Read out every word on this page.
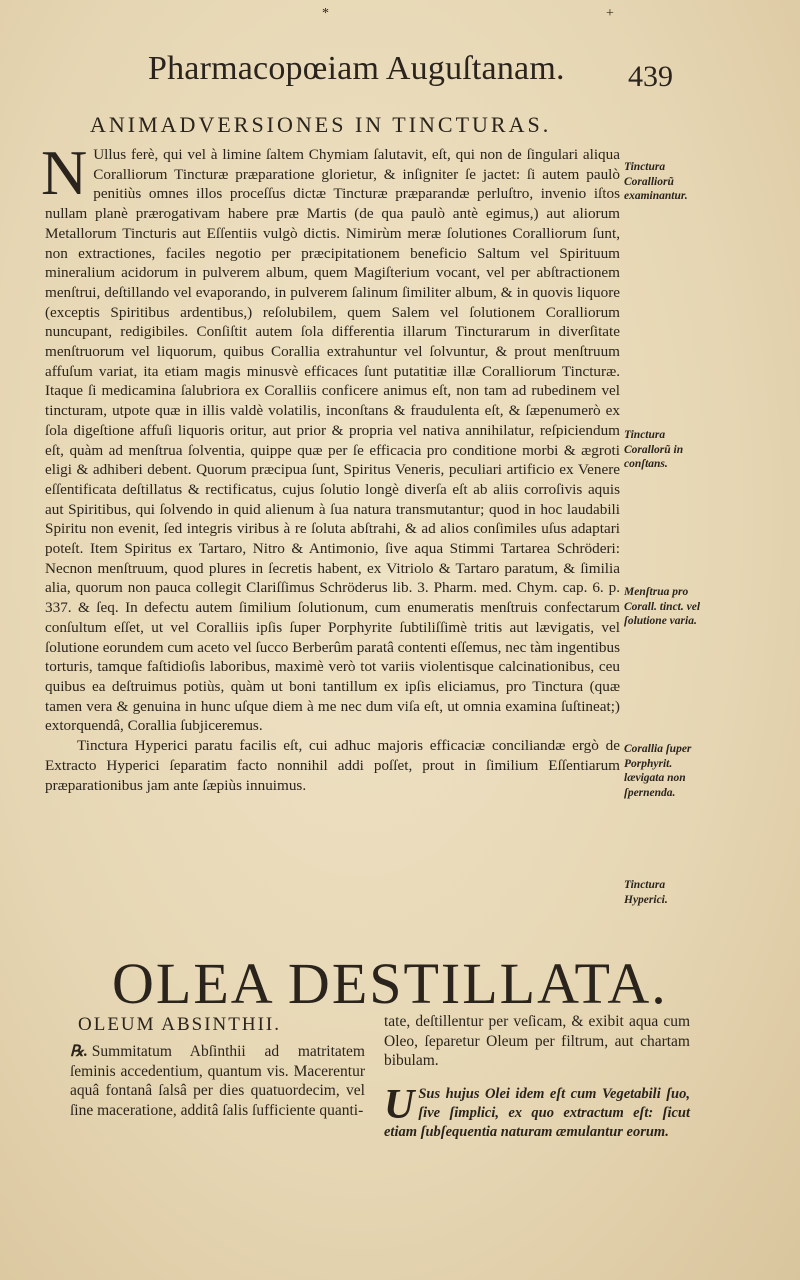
*	+
Pharmacopœiam Auguſtanam. 439
ANIMADVERSIONES IN TINCTURAS.

N Ullus ferè, qui vel à limine ſaltem Chymiam ſalutavit, eſt, qui non de ſingulari aliqua Coralliorum Tincturæ præparatione glorietur, & inſigniter ſe jactet: ſi autem paulò penitiùs omnes illos proceſſus dictæ Tincturæ præparandæ perluſtro, invenio iſtos nullam planè prærogativam habere præ Martis (de qua paulò antè egimus,) aut aliorum Metallorum Tincturis aut Eſſentiis vulgò dictis. Nimirùm meræ ſolutiones Coralliorum ſunt, non extractiones, faciles negotio per præcipitationem beneficio Saltum vel Spirituum mineralium acidorum in pulverem album, quem Magiſterium vocant, vel per abſtractionem menſtrui, deſtillando vel evaporando, in pulverem ſalinum ſimiliter album, & in quovis liquore (exceptis Spiritibus ardentibus,) reſolubilem, quem Salem vel ſolutionem Coralliorum nuncupant, redigibiles. Conſiſtit autem ſola differentia illarum Tincturarum in diverſitate menſtruorum vel liquorum, quibus Corallia extrahuntur vel ſolvuntur, & prout menſtruum affuſum variat, ita etiam magis minusvè efficaces ſunt putatitiæ illæ Coralliorum Tincturæ. Itaque ſi medicamina ſalubriora ex Coralliis conficere animus eſt, non tam ad rubedinem vel tincturam, utpote quæ in illis valdè volatilis, inconſtans & fraudulenta eſt, & ſæpenumerò ex ſola digeſtione affuſi liquoris oritur, aut prior & propria vel nativa annihilatur, reſpiciendum eſt, quàm ad menſtrua ſolventia, quippe quæ per ſe efficacia pro conditione morbi & ægroti eligi & adhiberi debent. Quorum præcipua ſunt, Spiritus Veneris, peculiari artificio ex Venere eſſentificata deſtillatus & rectificatus, cujus ſolutio longè diverſa eſt ab aliis corroſivis aquis aut Spiritibus, qui ſolvendo in quid alienum à ſua natura transmutantur; quod in hoc laudabili Spiritu non evenit, ſed integris viribus à re ſoluta abſtrahi, & ad alios conſimiles uſus adaptari poteſt. Item Spiritus ex Tartaro, Nitro & Antimonio, ſive aqua Stimmi Tartarea Schröderi: Necnon menſtruum, quod plures in ſecretis habent, ex Vitriolo & Tartaro paratum, & ſimilia alia, quorum non pauca collegit Clariſſimus Schröderus lib. 3. Pharm. med. Chym. cap. 6. p. 337. & ſeq. In defectu autem ſimilium ſolutionum, cum enumeratis menſtruis confectarum conſultum eſſet, ut vel Coralliis ipſis ſuper Porphyrite ſubtiliſſimè tritis aut lævigatis, vel ſolutione eorundem cum aceto vel ſucco Berberûm paratâ contenti eſſemus, nec tàm ingentibus torturis, tamque faſtidioſis laboribus, maximè verò tot variis violentisque calcinationibus, ceu quibus ea deſtruimus potiùs, quàm ut boni tantillum ex ipſis eliciamus, pro Tinctura (quæ tamen vera & genuina in hunc uſque diem à me nec dum viſa eſt, ut omnia examina ſuſtineat;) extorquendâ, Corallia ſubjiceremus.

Tinctura Hyperici paratu facilis eſt, cui adhuc majoris efficaciæ conciliandæ ergò de Extracto Hyperici ſeparatim facto nonnihil addi poſſet, prout in ſimilium Eſſentiarum præparationibus jam ante ſæpiùs innuimus.

Tinctura Coralliorũ examinantur.
Tinctura Corallorũ in conſtans.
Menſtrua pro Corall. tinct. vel ſolutione varia.
Corallia ſuper Porphyrit. lævigata non ſpernenda.
Tinctura Hyperici.
OLEA DESTILLATA.
OLEUM ABSINTHII.
℞. Summitatum Abſinthii ad matritatem ſeminis accedentium, quantum vis. Macerentur aquâ fontanâ ſalsâ per dies quatuordecim, vel ſine maceratione, additâ ſalis ſufficiente quanti-

tate, deſtillentur per veſicam, & exibit aqua cum Oleo, ſeparetur Oleum per filtrum, aut chartam bibulam.

U Sus hujus Olei idem eſt cum Vegetabili ſuo, ſive ſimplici, ex quo extractum eſt: ſicut etiam ſubſequentia naturam æmulantur eorum.
